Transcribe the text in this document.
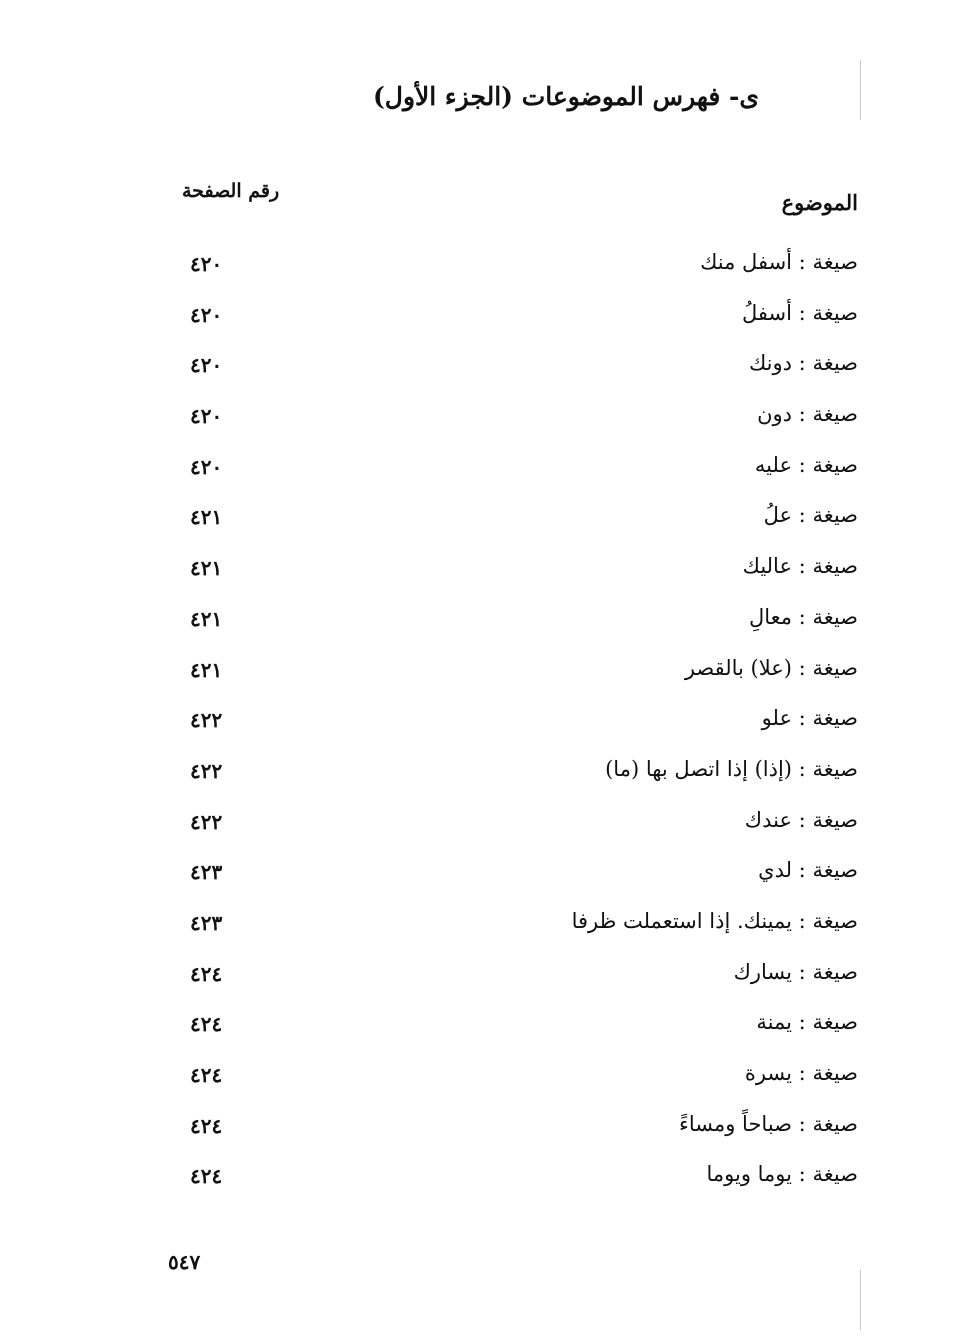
ى- فهرس الموضوعات (الجزء الأول)
الموضوع
رقم الصفحة
صيغة : أسفل منك
٤٢٠
صيغة : أسفلُ
٤٢٠
صيغة : دونك
٤٢٠
صيغة : دون
٤٢٠
صيغة : عليه
٤٢٠
صيغة : علُ
٤٢١
صيغة : عاليك
٤٢١
صيغة : معالِ
٤٢١
صيغة : (علا) بالقصر
٤٢١
صيغة : علو
٤٢٢
صيغة : (إذا) إذا اتصل بها (ما)
٤٢٢
صيغة : عندك
٤٢٢
صيغة : لدي
٤٢٣
صيغة : يمينك. إذا استعملت ظرفا
٤٢٣
صيغة : يسارك
٤٢٤
صيغة : يمنة
٤٢٤
صيغة : يسرة
٤٢٤
صيغة : صباحاً ومساءً
٤٢٤
صيغة : يوما ويوما
٤٢٤
٥٤٧
